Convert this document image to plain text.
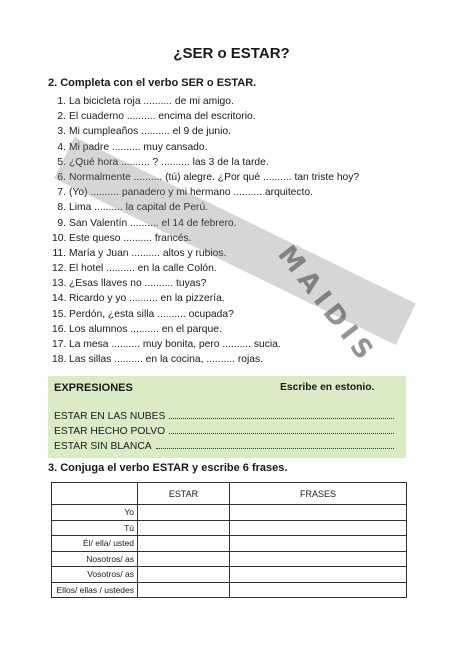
¿SER o ESTAR?
2. Completa con el verbo SER o ESTAR.
1. La bicicleta roja .......... de mi amigo.
2. El cuaderno .......... encima del escritorio.
3. Mi cumpleaños .......... el 9 de junio.
4. Mi padre .......... muy cansado.
5. ¿Qué hora .......... ? .......... las 3 de la tarde.
6. Normalmente .......... (tú) alegre. ¿Por qué .......... tan triste hoy?
7. (Yo) .......... panadero y mi hermano .......... arquitecto.
8. Lima .......... la capital de Perú.
9. San Valentín .......... el 14 de febrero.
10. Este queso .......... francés.
11. María y Juan .......... altos y rubios.
12. El hotel .......... en la calle Colón.
13. ¿Esas llaves no .......... tuyas?
14. Ricardo y yo .......... en la pizzería.
15. Perdón, ¿esta silla .......... ocupada?
16. Los alumnos .......... en el parque.
17. La mesa .......... muy bonita, pero .......... sucia.
18. Las sillas .......... en la cocina, .......... rojas. MAIDIS
EXPRESIONES	Escribe en estonio.
ESTAR EN LAS NUBES
ESTAR HECHO POLVO
ESTAR SIN BLANCA
3. Conjuga el verbo ESTAR y escribe 6 frases.
	ESTAR	FRASES
Yo		
Tú		
Él/ ella/ usted		
Nosotros/ as		
Vosotros/ as		
Ellos/ ellas / ustedes		
